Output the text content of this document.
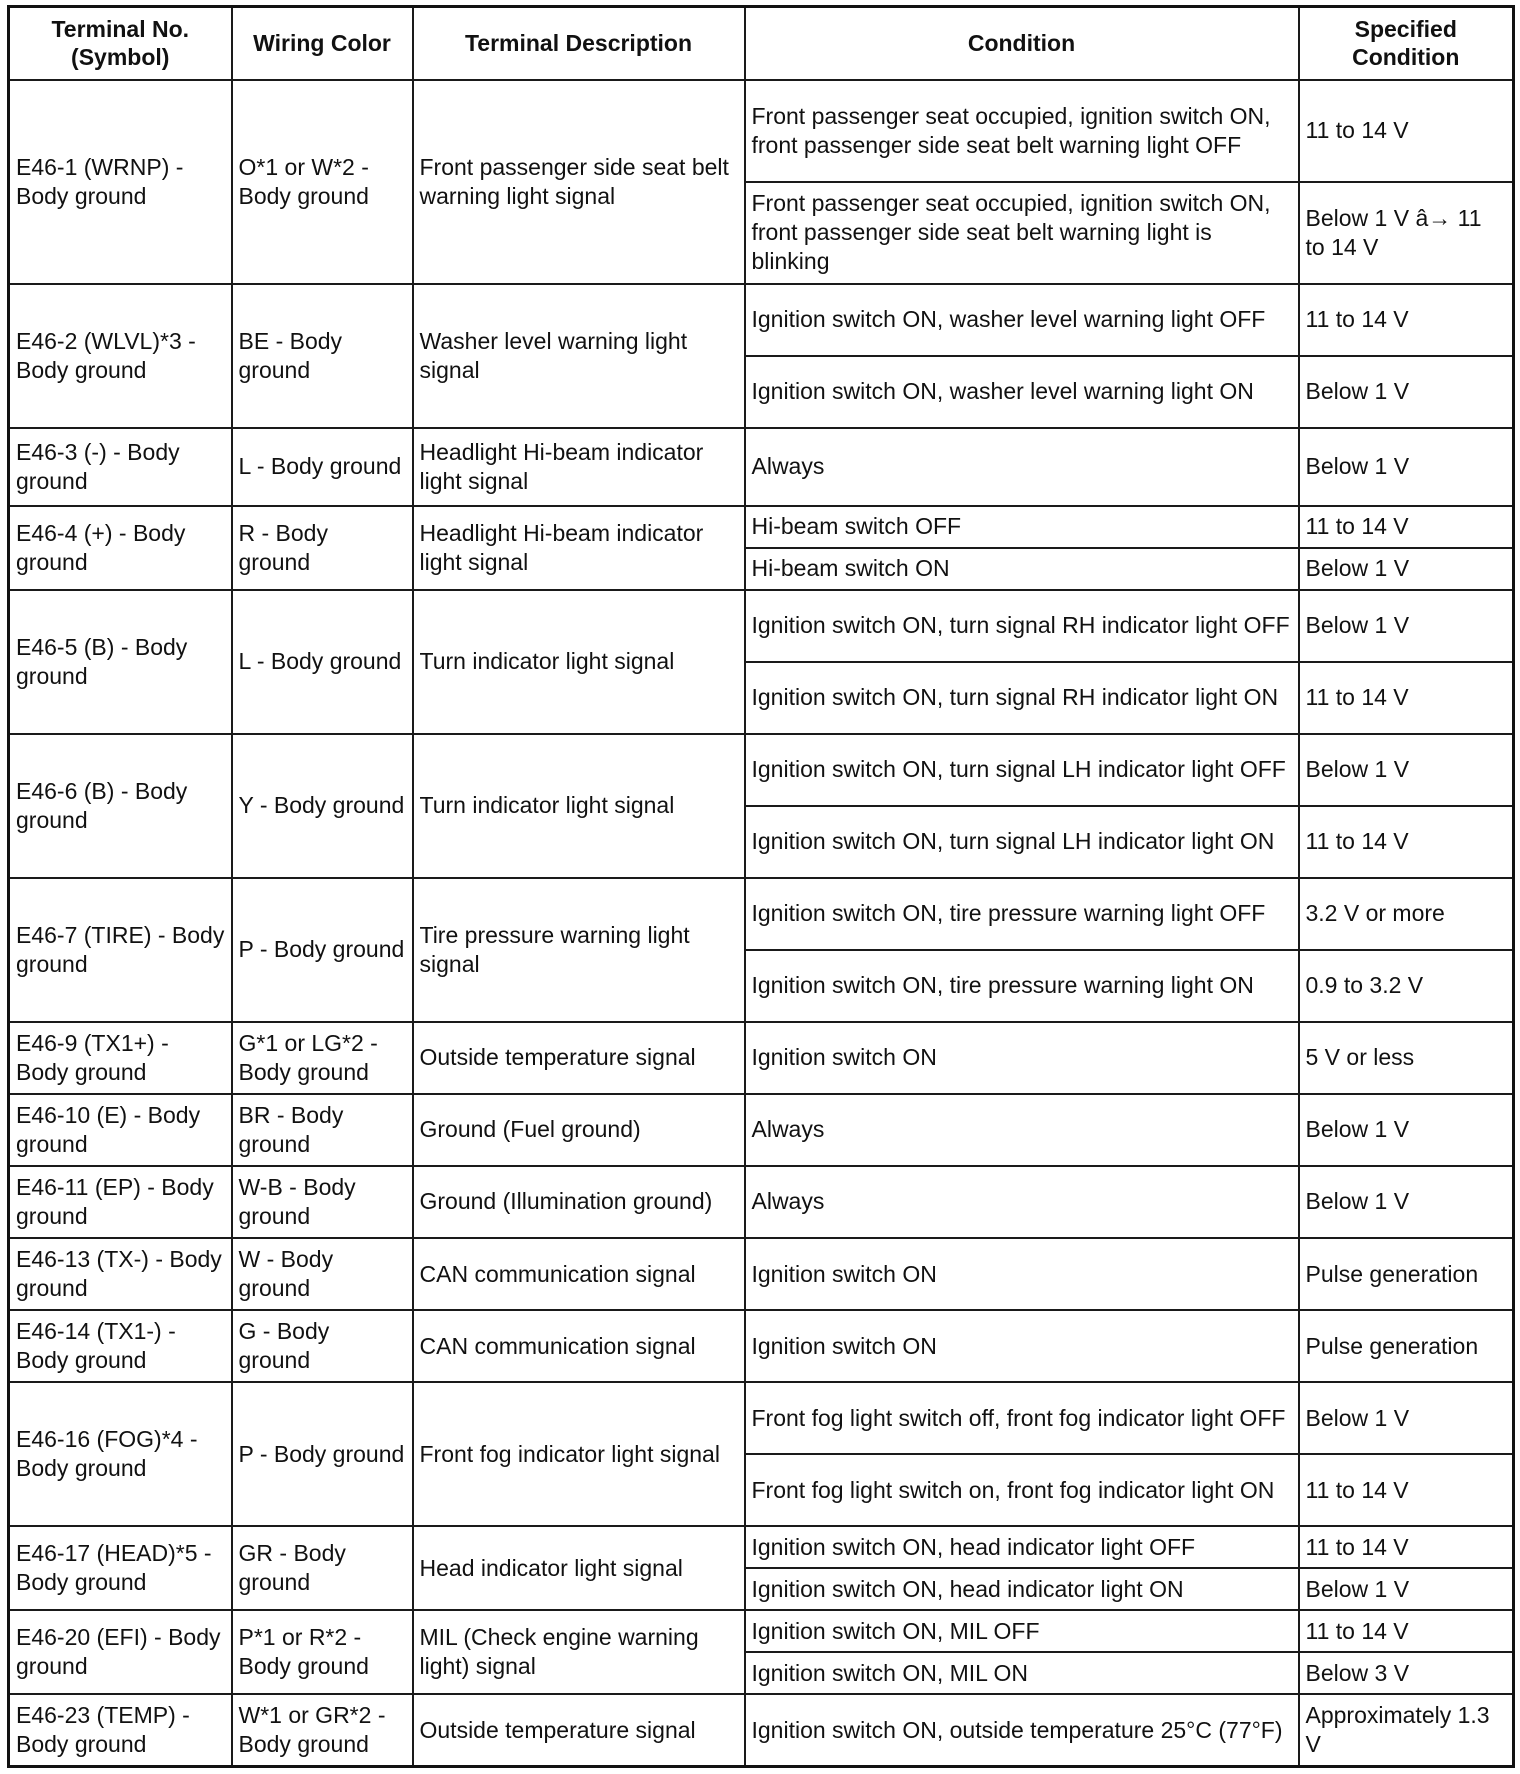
Terminal No. (Symbol)	Wiring Color	Terminal Description	Condition	Specified Condition
E46-1 (WRNP) - Body ground	O*1 or W*2 - Body ground	Front passenger side seat belt warning light signal	Front passenger seat occupied, ignition switch ON, front passenger side seat belt warning light OFF	11 to 14 V
			Front passenger seat occupied, ignition switch ON, front passenger side seat belt warning light is blinking	Below 1 V â→ 11 to 14 V
E46-2 (WLVL)*3 - Body ground	BE - Body ground	Washer level warning light signal	Ignition switch ON, washer level warning light OFF	11 to 14 V
			Ignition switch ON, washer level warning light ON	Below 1 V
E46-3 (-) - Body ground	L - Body ground	Headlight Hi-beam indicator light signal	Always	Below 1 V
E46-4 (+) - Body ground	R - Body ground	Headlight Hi-beam indicator light signal	Hi-beam switch OFF	11 to 14 V
			Hi-beam switch ON	Below 1 V
E46-5 (B) - Body ground	L - Body ground	Turn indicator light signal	Ignition switch ON, turn signal RH indicator light OFF	Below 1 V
			Ignition switch ON, turn signal RH indicator light ON	11 to 14 V
E46-6 (B) - Body ground	Y - Body ground	Turn indicator light signal	Ignition switch ON, turn signal LH indicator light OFF	Below 1 V
			Ignition switch ON, turn signal LH indicator light ON	11 to 14 V
E46-7 (TIRE) - Body ground	P - Body ground	Tire pressure warning light signal	Ignition switch ON, tire pressure warning light OFF	3.2 V or more
			Ignition switch ON, tire pressure warning light ON	0.9 to 3.2 V
E46-9 (TX1+) - Body ground	G*1 or LG*2 - Body ground	Outside temperature signal	Ignition switch ON	5 V or less
E46-10 (E) - Body ground	BR - Body ground	Ground (Fuel ground)	Always	Below 1 V
E46-11 (EP) - Body ground	W-B - Body ground	Ground (Illumination ground)	Always	Below 1 V
E46-13 (TX-) - Body ground	W - Body ground	CAN communication signal	Ignition switch ON	Pulse generation
E46-14 (TX1-) - Body ground	G - Body ground	CAN communication signal	Ignition switch ON	Pulse generation
E46-16 (FOG)*4 - Body ground	P - Body ground	Front fog indicator light signal	Front fog light switch off, front fog indicator light OFF	Below 1 V
			Front fog light switch on, front fog indicator light ON	11 to 14 V
E46-17 (HEAD)*5 - Body ground	GR - Body ground	Head indicator light signal	Ignition switch ON, head indicator light OFF	11 to 14 V
			Ignition switch ON, head indicator light ON	Below 1 V
E46-20 (EFI) - Body ground	P*1 or R*2 - Body ground	MIL (Check engine warning light) signal	Ignition switch ON, MIL OFF	11 to 14 V
			Ignition switch ON, MIL ON	Below 3 V
E46-23 (TEMP) - Body ground	W*1 or GR*2 - Body ground	Outside temperature signal	Ignition switch ON, outside temperature 25°C (77°F)	Approximately 1.3 V
